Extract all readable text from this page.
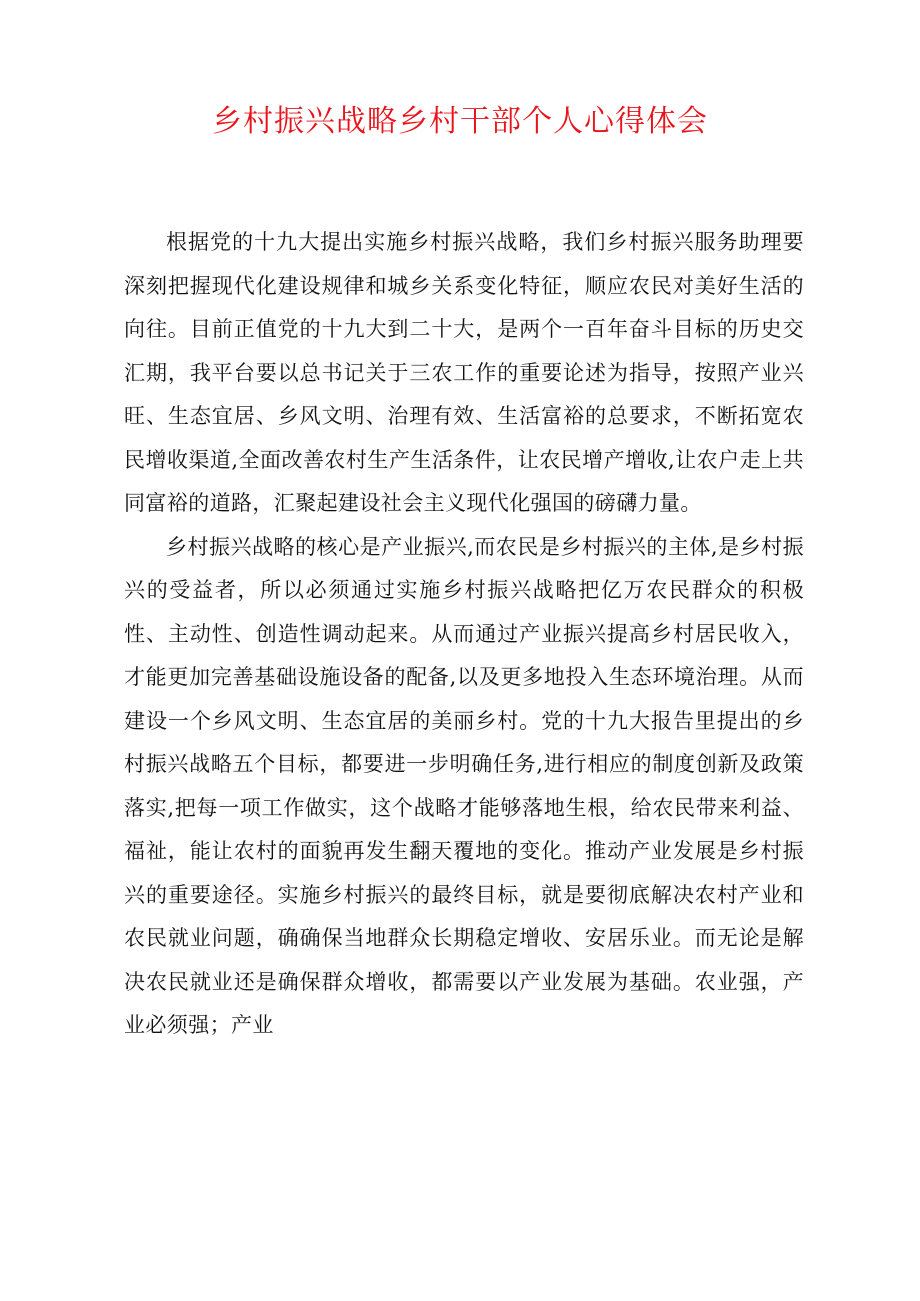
乡村振兴战略乡村干部个人心得体会

根据党的十九大提出实施乡村振兴战略，我们乡村振兴服务助理要深刻把握现代化建设规律和城乡关系变化特征，顺应农民对美好生活的向往。目前正值党的十九大到二十大，是两个一百年奋斗目标的历史交汇期，我平台要以总书记关于三农工作的重要论述为指导，按照产业兴旺、生态宜居、乡风文明、治理有效、生活富裕的总要求，不断拓宽农民增收渠道,全面改善农村生产生活条件，让农民增产增收,让农户走上共同富裕的道路，汇聚起建设社会主义现代化强国的磅礴力量。

乡村振兴战略的核心是产业振兴,而农民是乡村振兴的主体,是乡村振兴的受益者，所以必须通过实施乡村振兴战略把亿万农民群众的积极性、主动性、创造性调动起来。从而通过产业振兴提高乡村居民收入，才能更加完善基础设施设备的配备,以及更多地投入生态环境治理。从而建设一个乡风文明、生态宜居的美丽乡村。党的十九大报告里提出的乡村振兴战略五个目标，都要进一步明确任务,进行相应的制度创新及政策落实,把每一项工作做实，这个战略才能够落地生根，给农民带来利益、福祉，能让农村的面貌再发生翻天覆地的变化。推动产业发展是乡村振兴的重要途径。实施乡村振兴的最终目标，就是要彻底解决农村产业和农民就业问题，确确保当地群众长期稳定增收、安居乐业。而无论是解决农民就业还是确保群众增收，都需要以产业发展为基础。农业强，产业必须强；产业
